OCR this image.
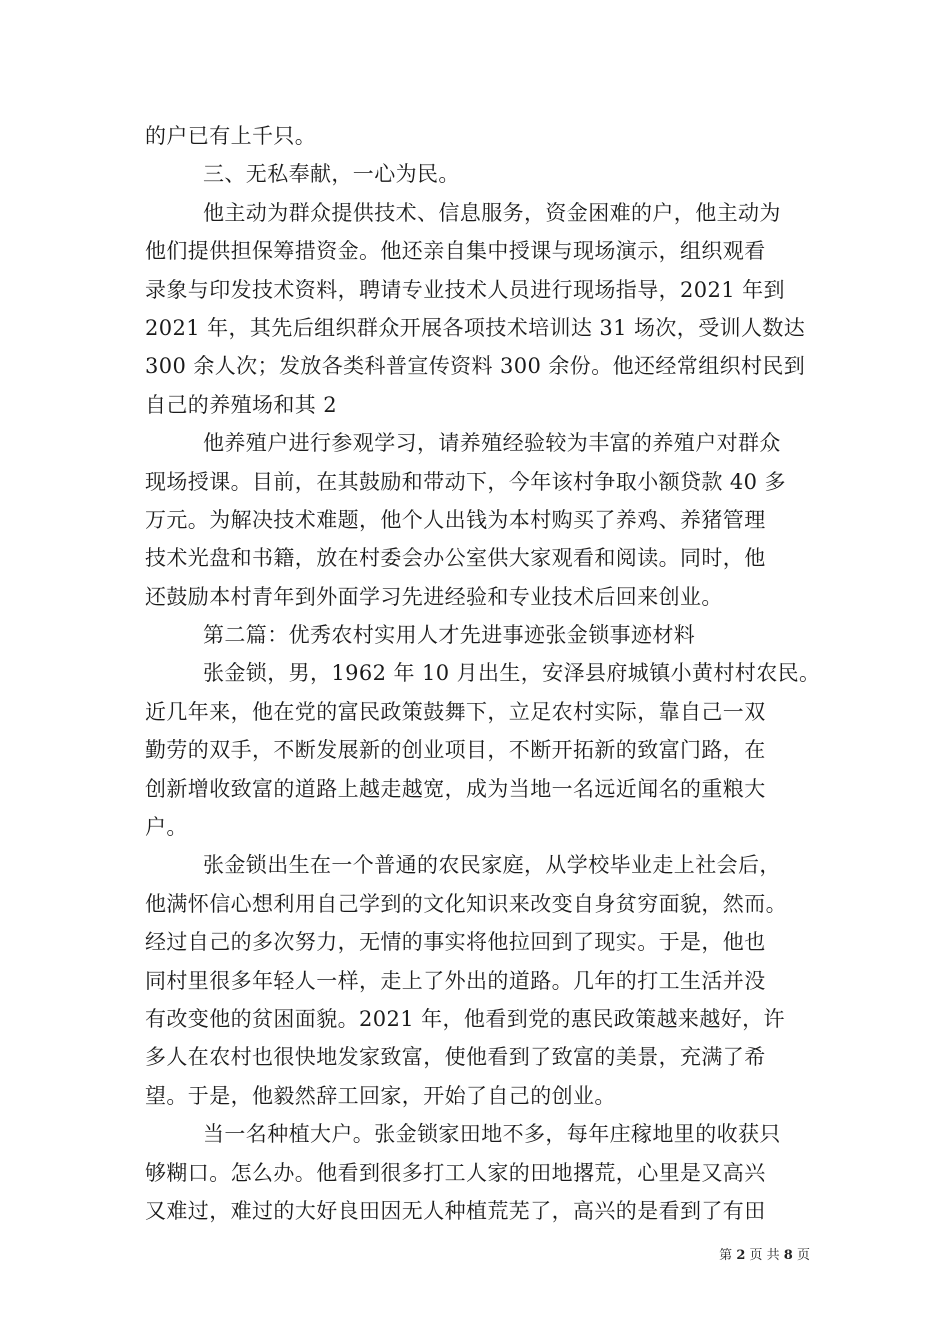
的户已有上千只。
三、无私奉献，一心为民。
他主动为群众提供技术、信息服务，资金困难的户，他主动为
他们提供担保筹措资金。他还亲自集中授课与现场演示，组织观看
录象与印发技术资料，聘请专业技术人员进行现场指导，2021 年到
2021 年，其先后组织群众开展各项技术培训达 31 场次，受训人数达
300 余人次；发放各类科普宣传资料 300 余份。他还经常组织村民到
自己的养殖场和其 2
他养殖户进行参观学习，请养殖经验较为丰富的养殖户对群众
现场授课。目前，在其鼓励和带动下，今年该村争取小额贷款 40 多
万元。为解决技术难题，他个人出钱为本村购买了养鸡、养猪管理
技术光盘和书籍，放在村委会办公室供大家观看和阅读。同时，他
还鼓励本村青年到外面学习先进经验和专业技术后回来创业。
第二篇：优秀农村实用人才先进事迹张金锁事迹材料
张金锁，男，1962 年 10 月出生，安泽县府城镇小黄村村农民。
近几年来，他在党的富民政策鼓舞下，立足农村实际，靠自己一双
勤劳的双手，不断发展新的创业项目，不断开拓新的致富门路，在
创新增收致富的道路上越走越宽，成为当地一名远近闻名的重粮大
户。
张金锁出生在一个普通的农民家庭，从学校毕业走上社会后，
他满怀信心想利用自己学到的文化知识来改变自身贫穷面貌，然而。
经过自己的多次努力，无情的事实将他拉回到了现实。于是，他也
同村里很多年轻人一样，走上了外出的道路。几年的打工生活并没
有改变他的贫困面貌。2021 年，他看到党的惠民政策越来越好，许
多人在农村也很快地发家致富，使他看到了致富的美景，充满了希
望。于是，他毅然辞工回家，开始了自己的创业。
当一名种植大户。张金锁家田地不多，每年庄稼地里的收获只
够糊口。怎么办。他看到很多打工人家的田地撂荒，心里是又高兴
又难过，难过的大好良田因无人种植荒芜了，高兴的是看到了有田
第 2 页 共 8 页
